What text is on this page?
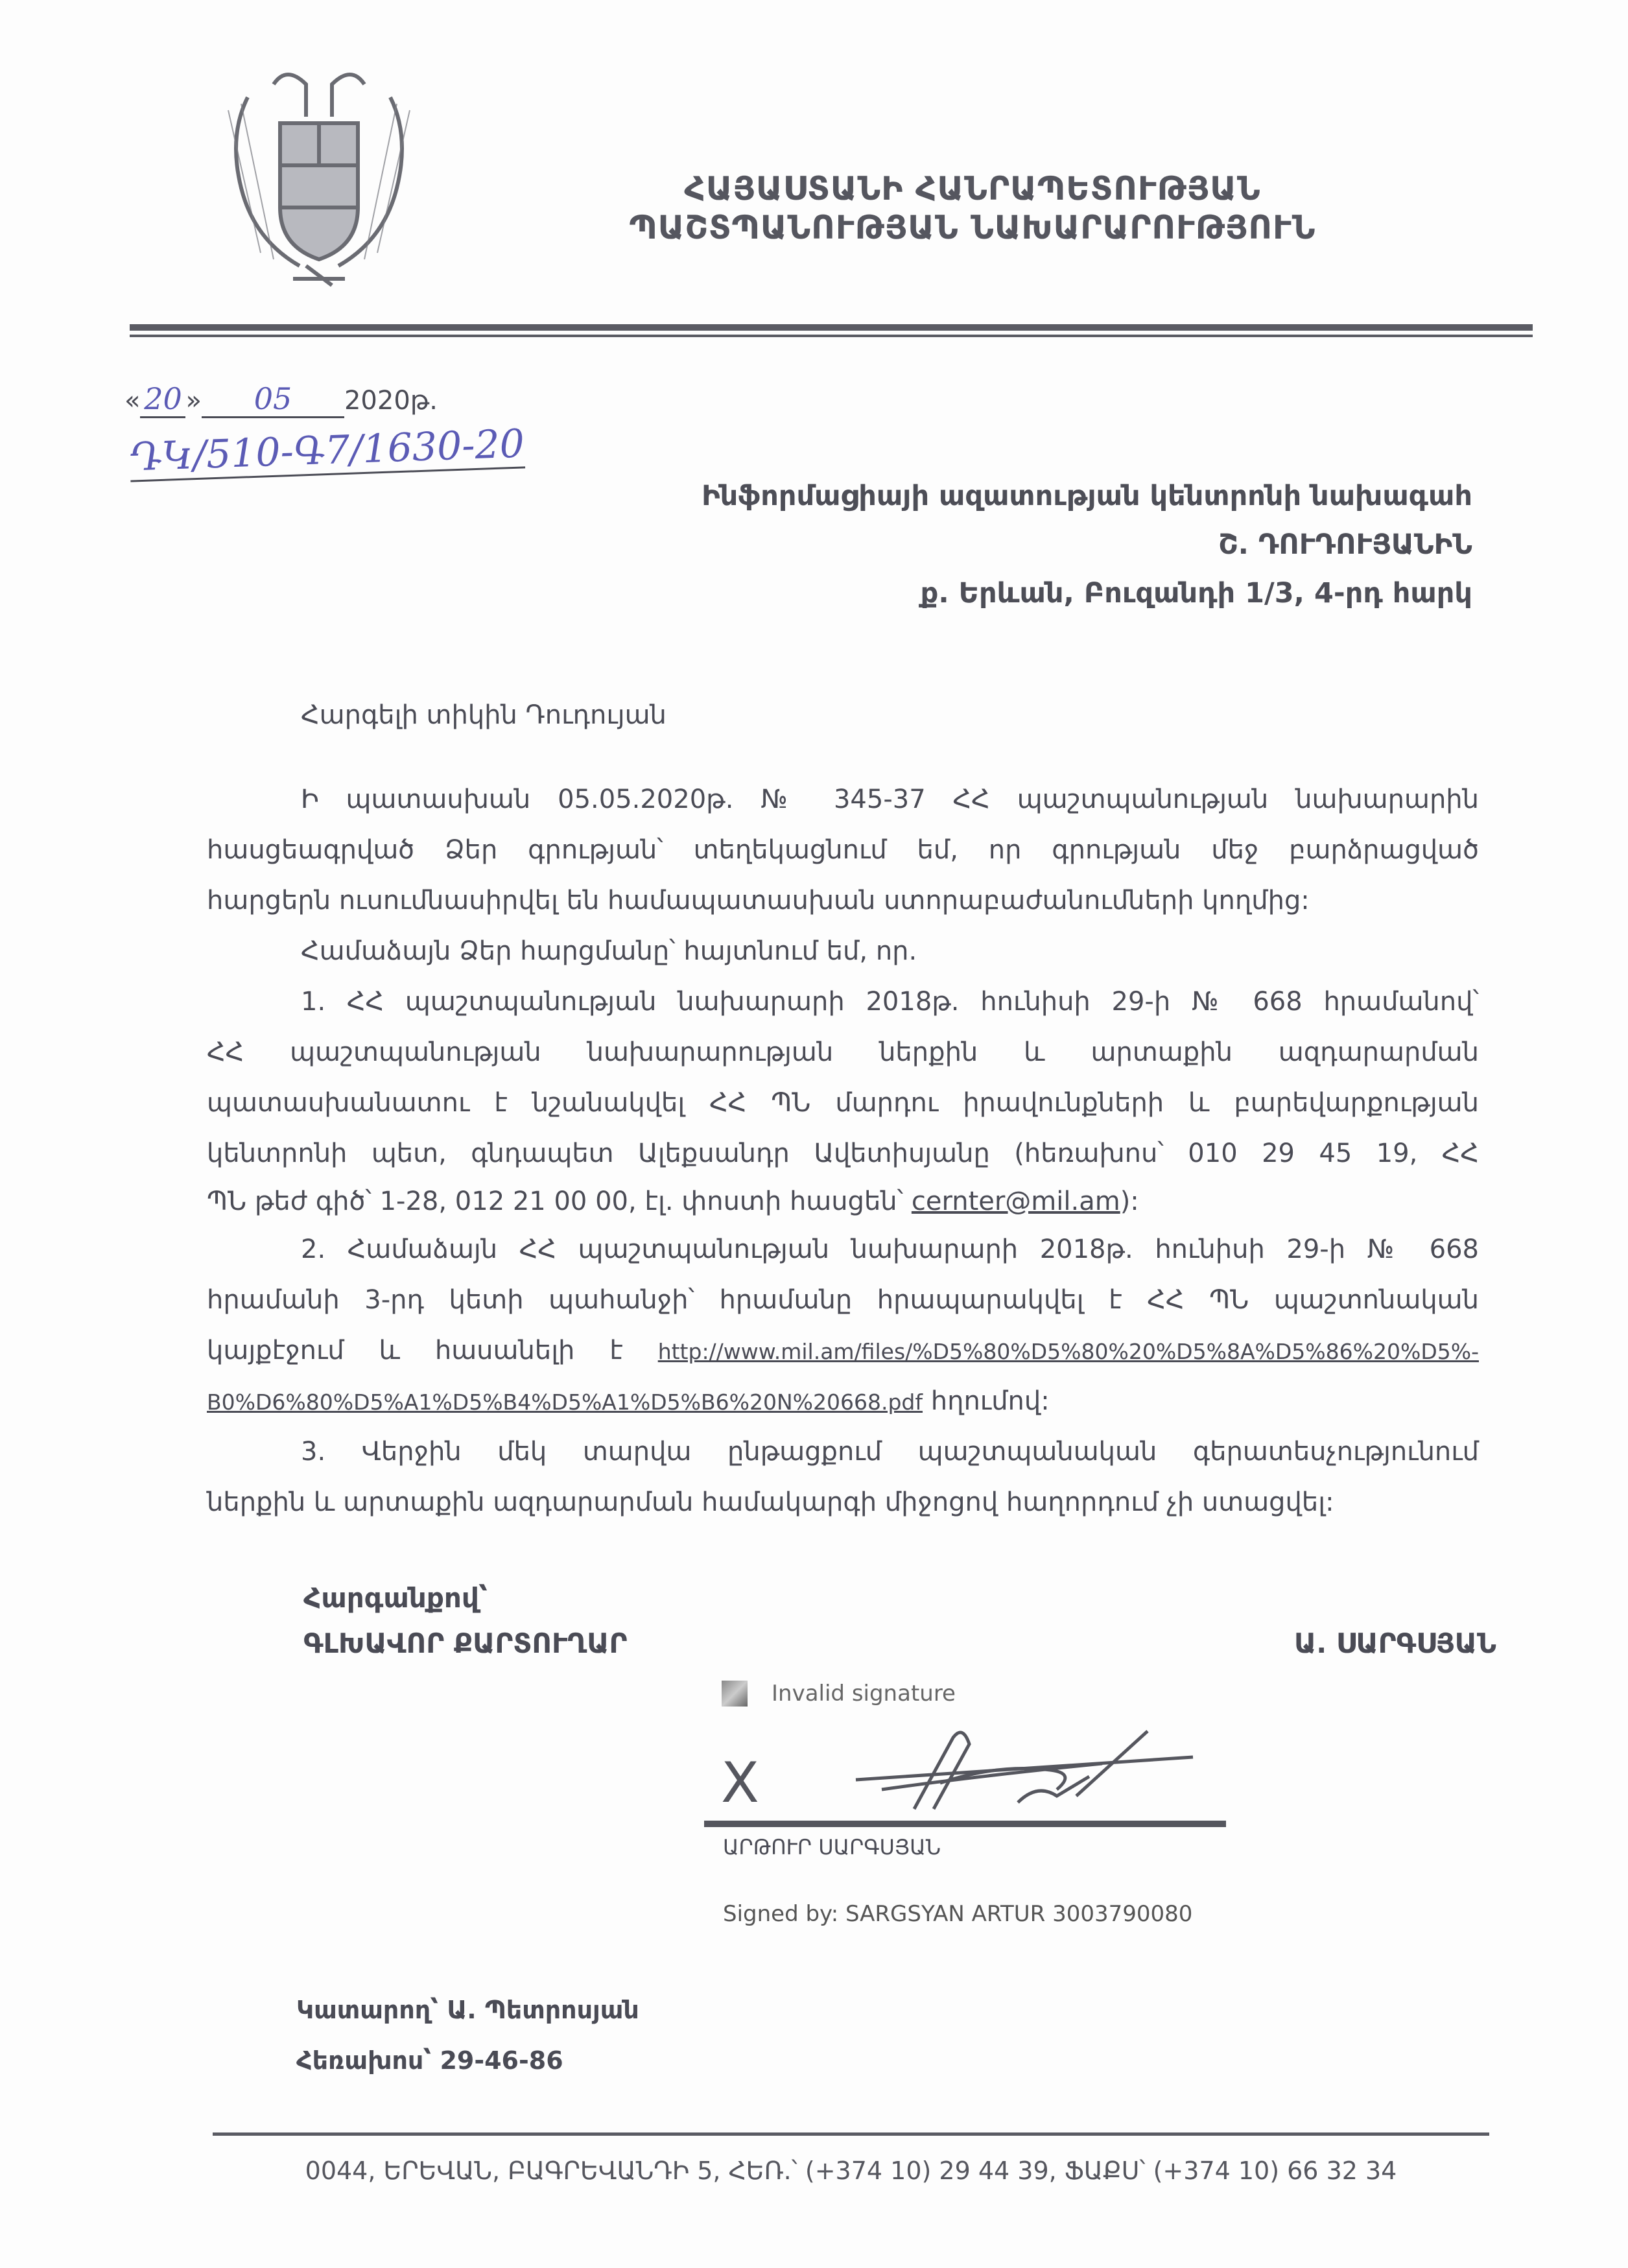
ՀԱՅԱՍՏԱՆԻ ՀԱՆՐԱՊԵՏՈՒԹՅԱՆ
ՊԱՇՏՊԱՆՈՒԹՅԱՆ ՆԱԽԱՐԱՐՈՒԹՅՈՒՆ
« 20 » 05 2020թ.
ԴԿ/510-Գ7/1630-20
Ինֆորմացիայի ազատության կենտրոնի նախագահ
Շ. ԴՈՒԴՈՒՅԱՆԻՆ
ք. Երևան, Բուզանդի 1/3, 4-րդ հարկ
Հարգելի տիկին Դուդույան
Ի պատասխան 05.05.2020թ. № 345-37 ՀՀ պաշտպանության նախարարին
հասցեագրված Ձեր գրության՝ տեղեկացնում եմ, որ գրության մեջ բարձրացված
հարցերն ուսումնասիրվել են համապատասխան ստորաբաժանումների կողմից:
Համաձայն Ձեր հարցմանը՝ հայտնում եմ, որ.
1. ՀՀ պաշտպանության նախարարի 2018թ. հունիսի 29-ի № 668 հրամանով՝
ՀՀ պաշտպանության նախարարության ներքին և արտաքին ազդարարման
պատասխանատու է նշանակվել ՀՀ ՊՆ մարդու իրավունքների և բարեվարքության
կենտրոնի պետ, գնդապետ Ալեքսանդր Ավետիսյանը (հեռախոս՝ 010 29 45 19, ՀՀ
ՊՆ թեժ գիծ՝ 1-28, 012 21 00 00, էլ. փոստի հասցեն՝ cernter@mil.am):
2. Համաձայն ՀՀ պաշտպանության նախարարի 2018թ. հունիսի 29-ի № 668
հրամանի 3-րդ կետի պահանջի՝ հրամանը հրապարակվել է ՀՀ ՊՆ պաշտոնական
կայքէջում և հասանելի է http://www.mil.am/files/%D5%80%D5%80%20%D5%8A%D5%86%20%D5%-
B0%D6%80%D5%A1%D5%B4%D5%A1%D5%B6%20N%20668.pdf հղումով:
3. Վերջին մեկ տարվա ընթացքում պաշտպանական գերատեսչությունում
ներքին և արտաքին ազդարարման համակարգի միջոցով հաղորդում չի ստացվել:
Հարգանքով՝
ԳԼԽԱՎՈՐ ՔԱՐՏՈՒՂԱՐ	Ա. ՍԱՐԳՍՅԱՆ
Invalid signature
X
ԱՐԹՈՒՐ ՍԱՐԳՍՅԱՆ
Signed by: SARGSYAN ARTUR 3003790080
Կատարող՝ Ա. Պետրոսյան
Հեռախոս՝ 29-46-86
0044, ԵՐԵՎԱՆ, ԲԱԳՐԵՎԱՆԴԻ 5, ՀԵՌ.՝ (+374 10) 29 44 39, ՖԱՔՍ՝ (+374 10) 66 32 34
